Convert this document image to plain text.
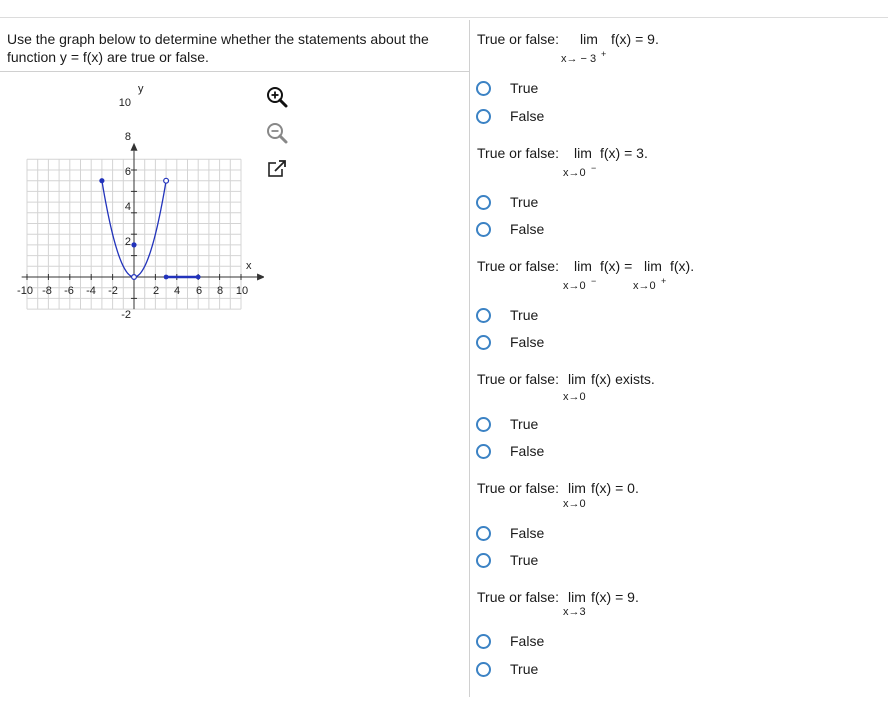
Use the graph below to determine whether the statements about the function y = f(x) are true or false.
-10 -8 -6 -4 -2	2 4 6 8 10
10
8
6
4
2
-2
y
x
True or false: lim f(x) = 9.
x→ − 3 +
True
False
True or false: lim f(x) = 3.
x→0 −
True
False
True or false: lim f(x) = lim f(x).
x→0 −	x→0 +
True
False
True or false: lim f(x) exists.
x→0
True
False
True or false: lim f(x) = 0.
x→0
False
True
True or false: lim f(x) = 9.
x→3
False
True
